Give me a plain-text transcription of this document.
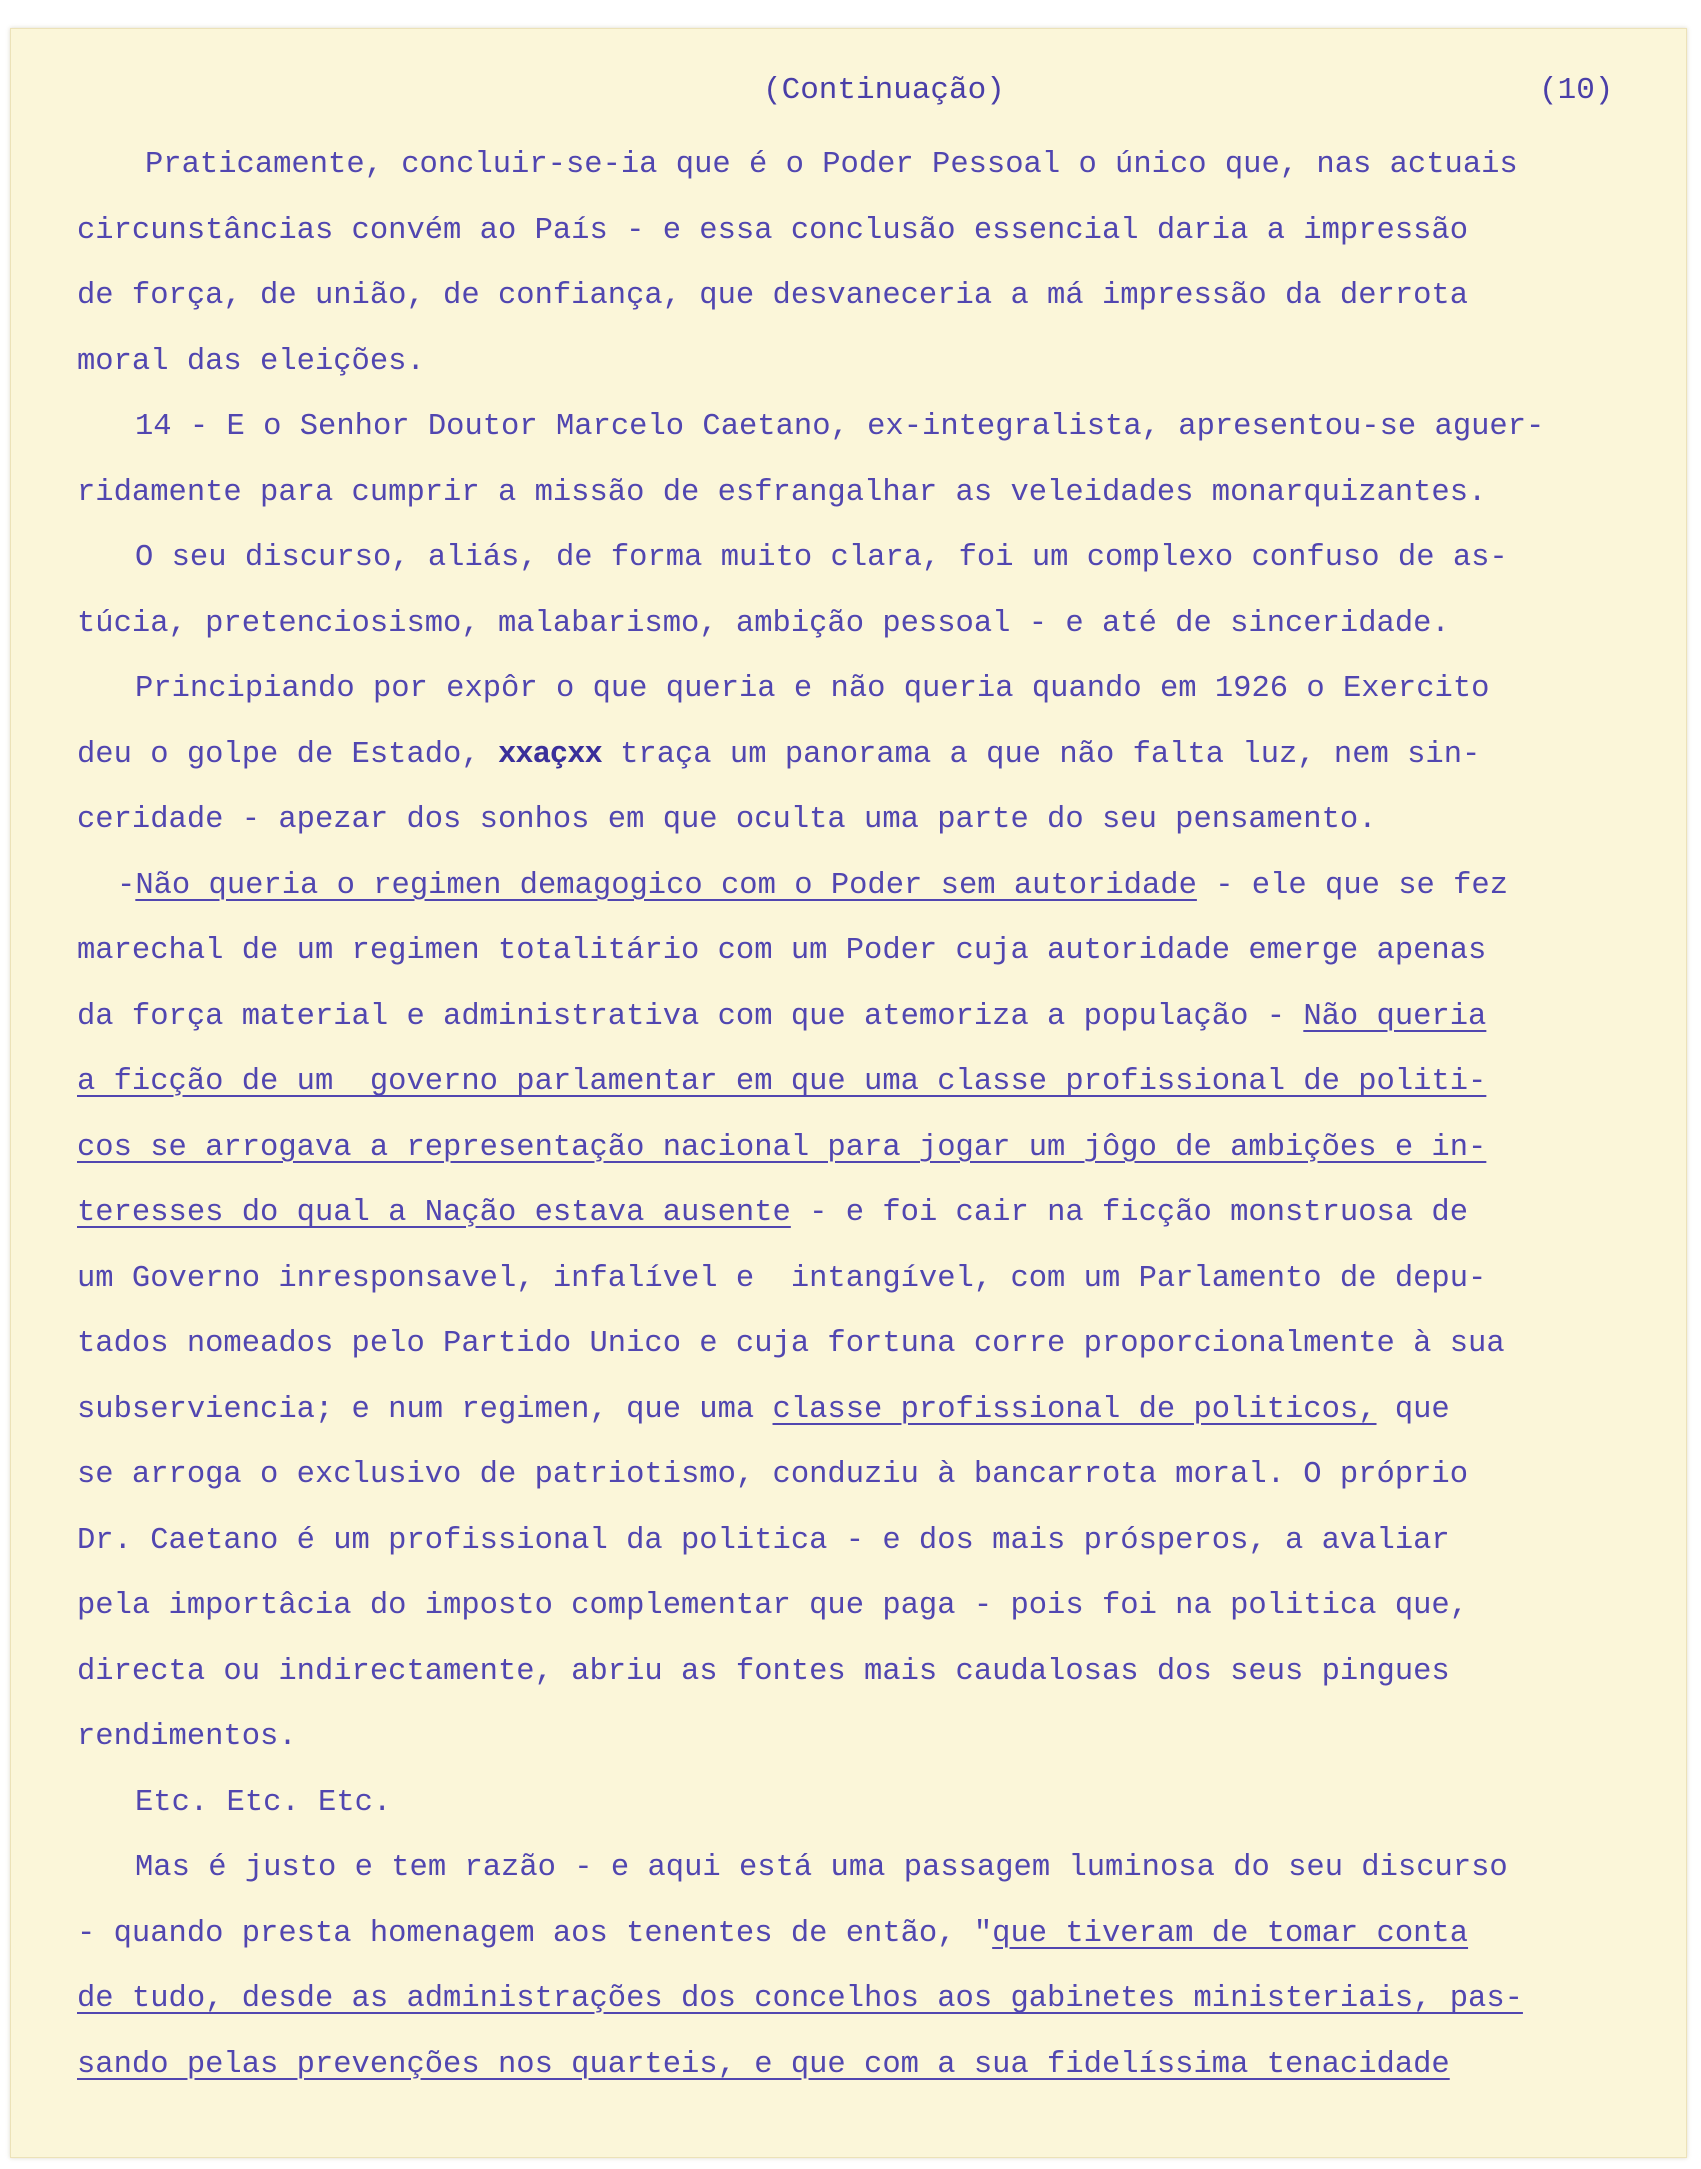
(Continuação)	(10)
Praticamente, concluir-se-ia que é o Poder Pessoal o único que, nas actuais
circunstâncias convém ao País - e essa conclusão essencial daria a impressão
de força, de união, de confiança, que desvaneceria a má impressão da derrota
moral das eleições.
14 - E o Senhor Doutor Marcelo Caetano, ex-integralista, apresentou-se aguer-
ridamente para cumprir a missão de esfrangalhar as veleidades monarquizantes.
O seu discurso, aliás, de forma muito clara, foi um complexo confuso de as-
túcia, pretenciosismo, malabarismo, ambição pessoal - e até de sinceridade.
Principiando por expôr o que queria e não queria quando em 1926 o Exercito
deu o golpe de Estado, xxaçxx traça um panorama a que não falta luz, nem sin-
ceridade - apezar dos sonhos em que oculta uma parte do seu pensamento.
-Não queria o regimen demagogico com o Poder sem autoridade - ele que se fez
marechal de um regimen totalitário com um Poder cuja autoridade emerge apenas
da força material e administrativa com que atemoriza a população - Não queria
a ficção de um  governo parlamentar em que uma classe profissional de politi-
cos se arrogava a representação nacional para jogar um jôgo de ambições e in-
teresses do qual a Nação estava ausente - e foi cair na ficção monstruosa de
um Governo inresponsavel, infalível e  intangível, com um Parlamento de depu-
tados nomeados pelo Partido Unico e cuja fortuna corre proporcionalmente à sua
subserviencia; e num regimen, que uma classe profissional de politicos, que
se arroga o exclusivo de patriotismo, conduziu à bancarrota moral. O próprio
Dr. Caetano é um profissional da politica - e dos mais prósperos, a avaliar
pela importâcia do imposto complementar que paga - pois foi na politica que,
directa ou indirectamente, abriu as fontes mais caudalosas dos seus pingues
rendimentos.
Etc. Etc. Etc.
Mas é justo e tem razão - e aqui está uma passagem luminosa do seu discurso
- quando presta homenagem aos tenentes de então, "que tiveram de tomar conta
de tudo, desde as administrações dos concelhos aos gabinetes ministeriais, pas-
sando pelas prevenções nos quarteis, e que com a sua fidelíssima tenacidade
